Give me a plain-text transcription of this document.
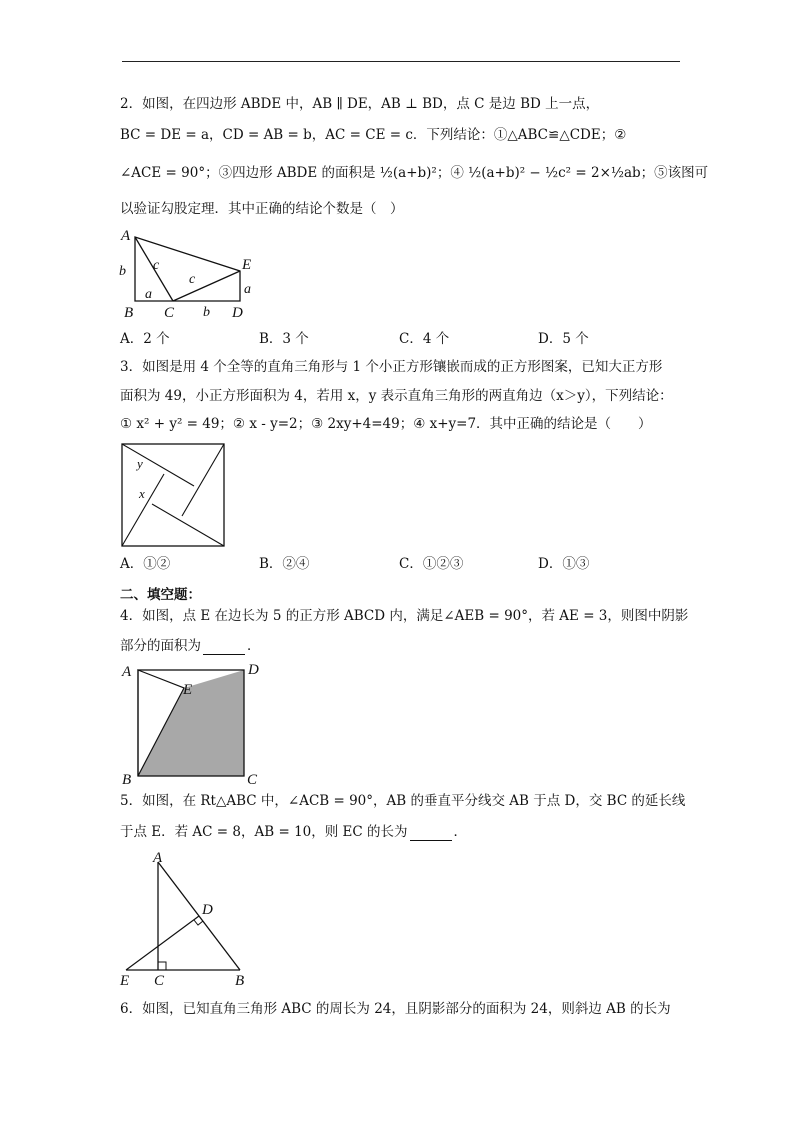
2．如图，在四边形 ABDE 中，AB ∥ DE，AB ⊥ BD，点 C 是边 BD 上一点，
BC = DE = a，CD = AB = b，AC = CE = c．下列结论：①△ABC≌△CDE；②
∠ACE = 90°；③四边形 ABDE 的面积是 ½(a+b)²；④ ½(a+b)² − ½c² = 2×½ab；⑤该图可
以验证勾股定理．其中正确的结论个数是（　）
A
b c
c
E
a	a
B C b D
A．2 个	B．3 个	C．4 个	D．5 个
3．如图是用 4 个全等的直角三角形与 1 个小正方形镶嵌而成的正方形图案，已知大正方形
面积为 49，小正方形面积为 4，若用 x，y 表示直角三角形的两直角边（x＞y），下列结论：
① x² + y² = 49；② x - y=2；③ 2xy+4=49；④ x+y=7．其中正确的结论是（　　）
y
x
A．①②	B．②④	C．①②③	D．①③
二、填空题：
4．如图，点 E 在边长为 5 的正方形 ABCD 内，满足∠AEB = 90°，若 AE = 3，则图中阴影
部分的面积为	．
A	D
E
B	C
5．如图，在 Rt△ABC 中，∠ACB = 90°，AB 的垂直平分线交 AB 于点 D，交 BC 的延长线
于点 E．若 AC = 8，AB = 10，则 EC 的长为	．
A
D
E C	B
6．如图，已知直角三角形 ABC 的周长为 24，且阴影部分的面积为 24，则斜边 AB 的长为
